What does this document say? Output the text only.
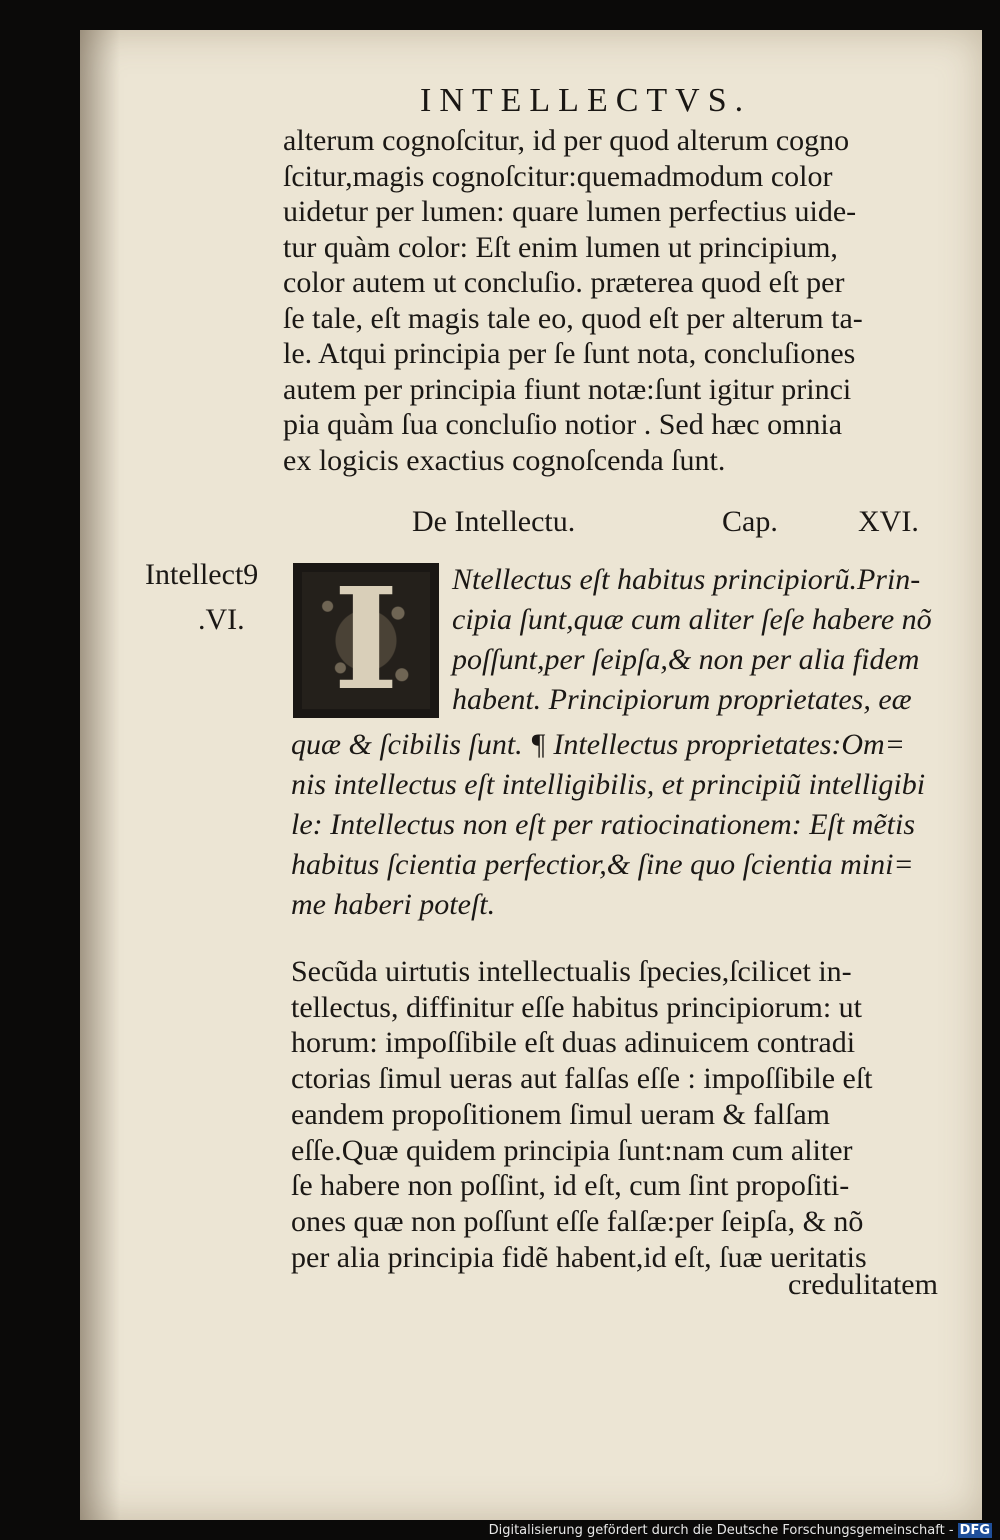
INTELLECTVS.
alterum cognoſcitur, id per quod alterum cogno
ſcitur,magis cognoſcitur:quemadmodum color
uidetur per lumen: quare lumen perfectius uide-
tur quàm color: Eſt enim lumen ut principium,
color autem ut concluſio. præterea quod eſt per
ſe tale, eſt magis tale eo, quod eſt per alterum ta-
le. Atqui principia per ſe ſunt nota, concluſiones
autem per principia fiunt notæ:ſunt igitur princi
pia quàm ſua concluſio notior . Sed hæc omnia
ex logicis exactius cognoſcenda ſunt.
De Intellectu.	Cap.	XVI.
Intellect9
.VI. I	Ntellectus eſt habitus principiorũ.Prin-
cipia ſunt,quæ cum aliter ſeſe habere nõ
poſſunt,per ſeipſa,& non per alia fidem
habent. Principiorum proprietates, eæ
quæ & ſcibilis ſunt. ¶ Intellectus proprietates:Om=
nis intellectus eſt intelligibilis, et principiũ intelligibi
le: Intellectus non eſt per ratiocinationem: Eſt mẽtis
habitus ſcientia perfectior,& ſine quo ſcientia mini=
me haberi poteſt.
Secũda uirtutis intellectualis ſpecies,ſcilicet in-
tellectus, diffinitur eſſe habitus principiorum: ut
horum: impoſſibile eſt duas adinuicem contradi
ctorias ſimul ueras aut falſas eſſe : impoſſibile eſt
eandem propoſitionem ſimul ueram & falſam
eſſe.Quæ quidem principia ſunt:nam cum aliter
ſe habere non poſſint, id eſt, cum ſint propoſiti-
ones quæ non poſſunt eſſe falſæ:per ſeipſa, & nõ
per alia principia fidẽ habent,id eſt, ſuæ ueritatis
credulitatem
Digitalisierung gefördert durch die Deutsche Forschungsgemeinschaft - DFG
